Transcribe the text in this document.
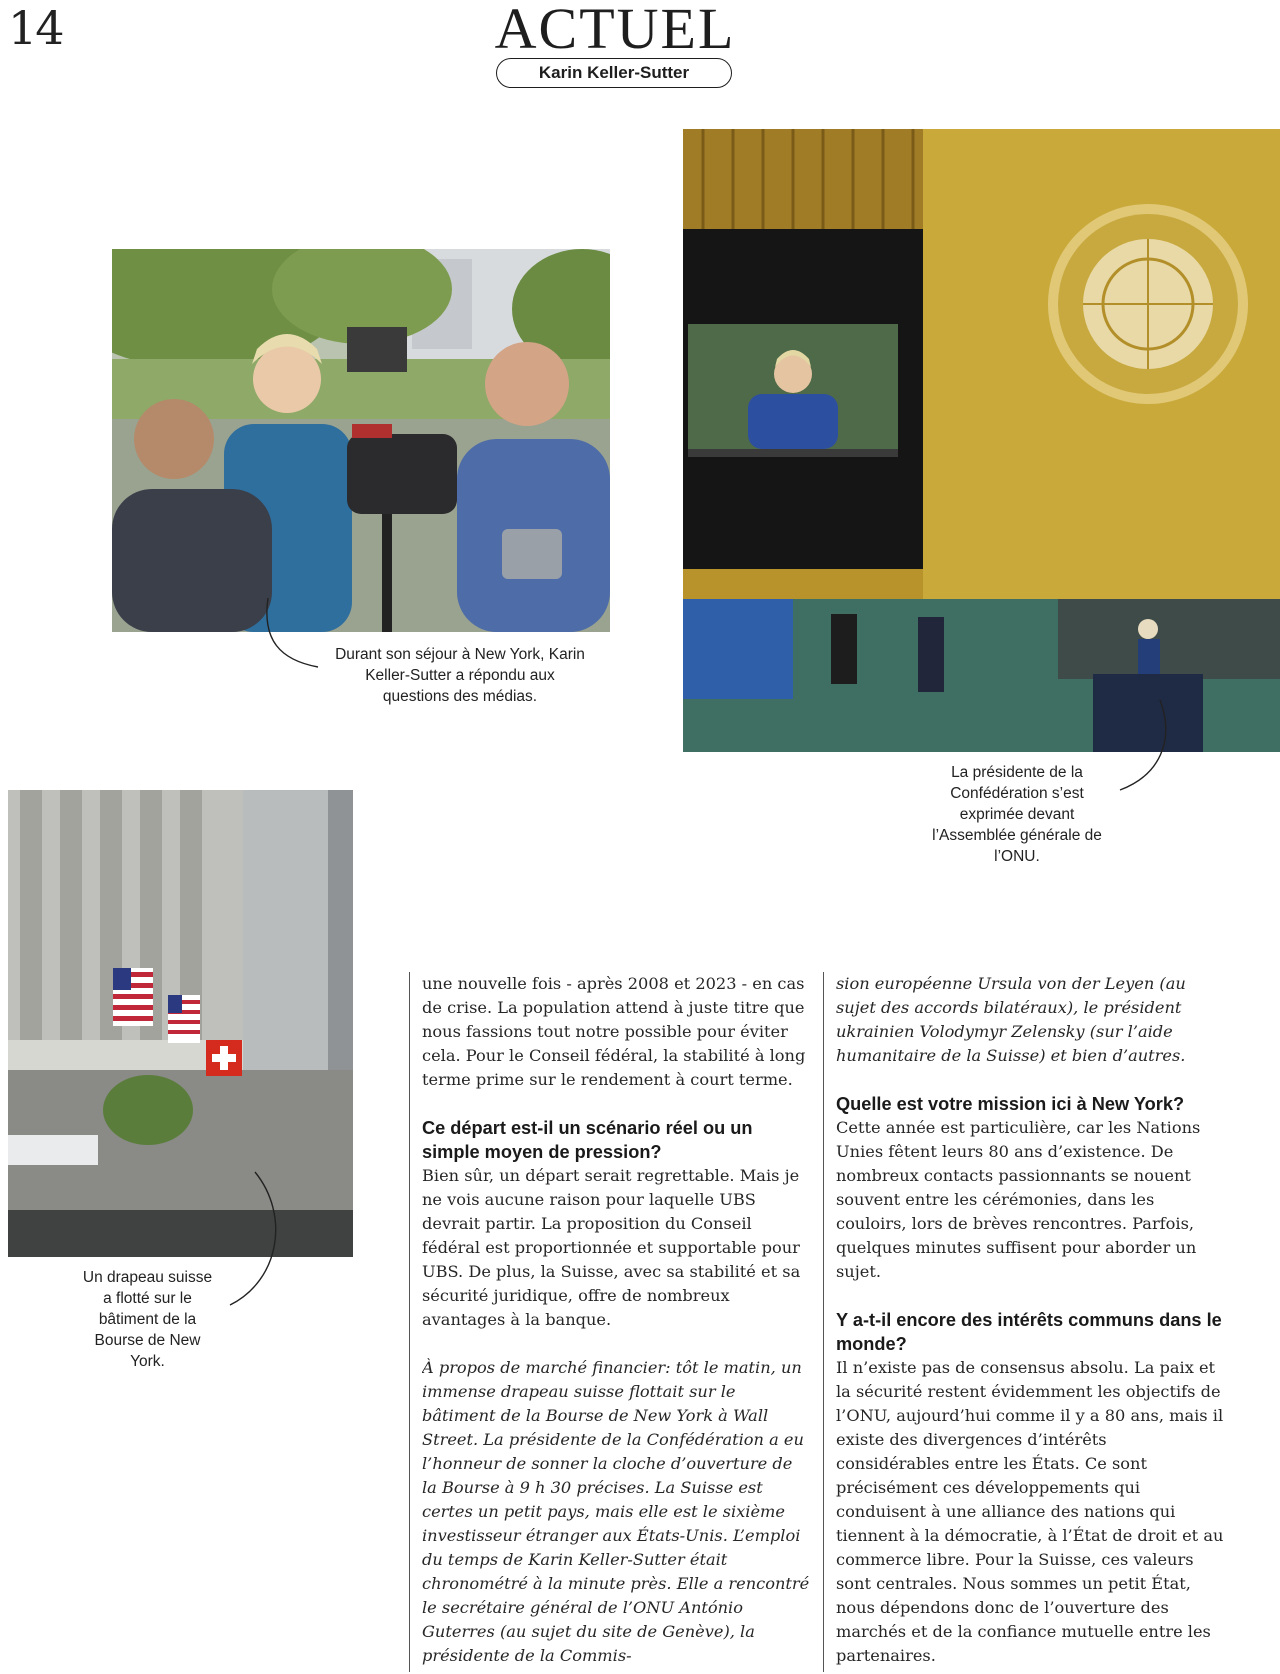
14	ACTUEL
Karin Keller-Sutter
Durant son séjour à New York, Karin Keller-Sutter a répondu aux questions des médias.
La présidente de la Confédération s’est exprimée devant l’Assemblée générale de l’ONU.
Un drapeau suisse a flotté sur le bâtiment de la Bourse de New York.

une nouvelle fois - après 2008 et 2023 - en cas de crise. La population attend à juste titre que nous fassions tout notre possible pour éviter cela. Pour le Conseil fédéral, la stabilité à long terme prime sur le rendement à court terme.

Ce départ est-il un scénario réel ou un simple moyen de pression?

Bien sûr, un départ serait regrettable. Mais je ne vois aucune raison pour laquelle UBS devrait partir. La proposition du Conseil fédéral est proportionnée et supportable pour UBS. De plus, la Suisse, avec sa stabilité et sa sécurité juridique, offre de nombreux avantages à la banque.

À propos de marché financier: tôt le matin, un immense drapeau suisse flottait sur le bâtiment de la Bourse de New York à Wall Street. La présidente de la Confédération a eu l’honneur de sonner la cloche d’ouverture de la Bourse à 9 h 30 précises. La Suisse est certes un petit pays, mais elle est le sixième investisseur étranger aux États-Unis. L’emploi du temps de Karin Keller-Sutter était chronométré à la minute près. Elle a rencontré le secrétaire général de l’ONU António Guterres (au sujet du site de Genève), la présidente de la Commis-

sion européenne Ursula von der Leyen (au sujet des accords bilatéraux), le président ukrainien Volodymyr Zelensky (sur l’aide humanitaire de la Suisse) et bien d’autres.

Quelle est votre mission ici à New York?

Cette année est particulière, car les Nations Unies fêtent leurs 80 ans d’existence. De nombreux contacts passionnants se nouent souvent entre les cérémonies, dans les couloirs, lors de brèves rencontres. Parfois, quelques minutes suffisent pour aborder un sujet.

Y a-t-il encore des intérêts communs dans le monde?

Il n’existe pas de consensus absolu. La paix et la sécurité restent évidemment les objectifs de l’ONU, aujourd’hui comme il y a 80 ans, mais il existe des divergences d’intérêts considérables entre les États. Ce sont précisément ces développements qui conduisent à une alliance des nations qui tiennent à la démocratie, à l’État de droit et au commerce libre. Pour la Suisse, ces valeurs sont centrales. Nous sommes un petit État, nous dépendons donc de l’ouverture des marchés et de la confiance mutuelle entre les partenaires.
